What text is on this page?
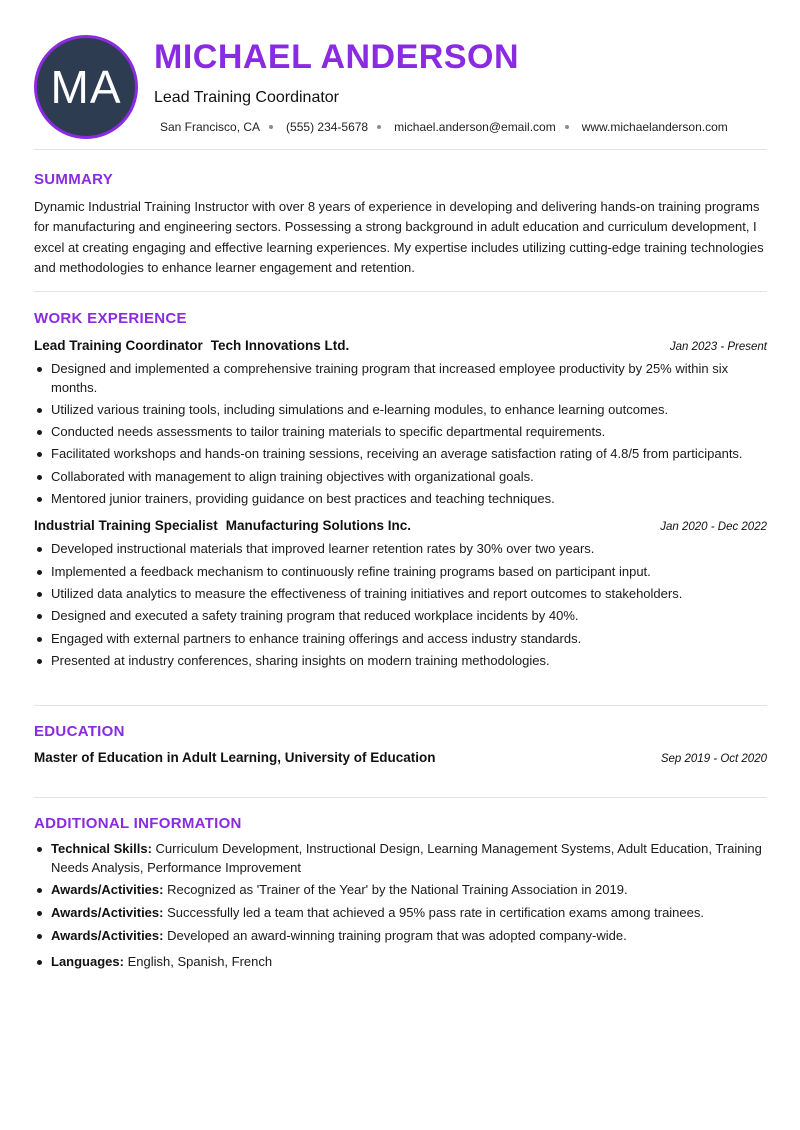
MA
MICHAEL ANDERSON
Lead Training Coordinator
San Francisco, CA (555) 234-5678 michael.anderson@email.com www.michaelanderson.com
SUMMARY

Dynamic Industrial Training Instructor with over 8 years of experience in developing and delivering hands-on training programs for manufacturing and engineering sectors. Possessing a strong background in adult education and curriculum development, I excel at creating engaging and effective learning experiences. My expertise includes utilizing cutting-edge training technologies and methodologies to enhance learner engagement and retention.

WORK EXPERIENCE
Lead Training Coordinator Tech Innovations Ltd.	Jan 2023 - Present
Designed and implemented a comprehensive training program that increased employee productivity by 25% within six months.
Utilized various training tools, including simulations and e-learning modules, to enhance learning outcomes.
Conducted needs assessments to tailor training materials to specific departmental requirements.
Facilitated workshops and hands-on training sessions, receiving an average satisfaction rating of 4.8/5 from participants.
Collaborated with management to align training objectives with organizational goals.
Mentored junior trainers, providing guidance on best practices and teaching techniques.
Industrial Training Specialist Manufacturing Solutions Inc.	Jan 2020 - Dec 2022
Developed instructional materials that improved learner retention rates by 30% over two years.
Implemented a feedback mechanism to continuously refine training programs based on participant input.
Utilized data analytics to measure the effectiveness of training initiatives and report outcomes to stakeholders.
Designed and executed a safety training program that reduced workplace incidents by 40%.
Engaged with external partners to enhance training offerings and access industry standards.
Presented at industry conferences, sharing insights on modern training methodologies.
EDUCATION
Master of Education in Adult Learning, University of Education	Sep 2019 - Oct 2020
ADDITIONAL INFORMATION
Technical Skills: Curriculum Development, Instructional Design, Learning Management Systems, Adult Education, Training Needs Analysis, Performance Improvement
Awards/Activities: Recognized as 'Trainer of the Year' by the National Training Association in 2019.
Awards/Activities: Successfully led a team that achieved a 95% pass rate in certification exams among trainees.
Awards/Activities: Developed an award-winning training program that was adopted company-wide.
Languages: English, Spanish, French
